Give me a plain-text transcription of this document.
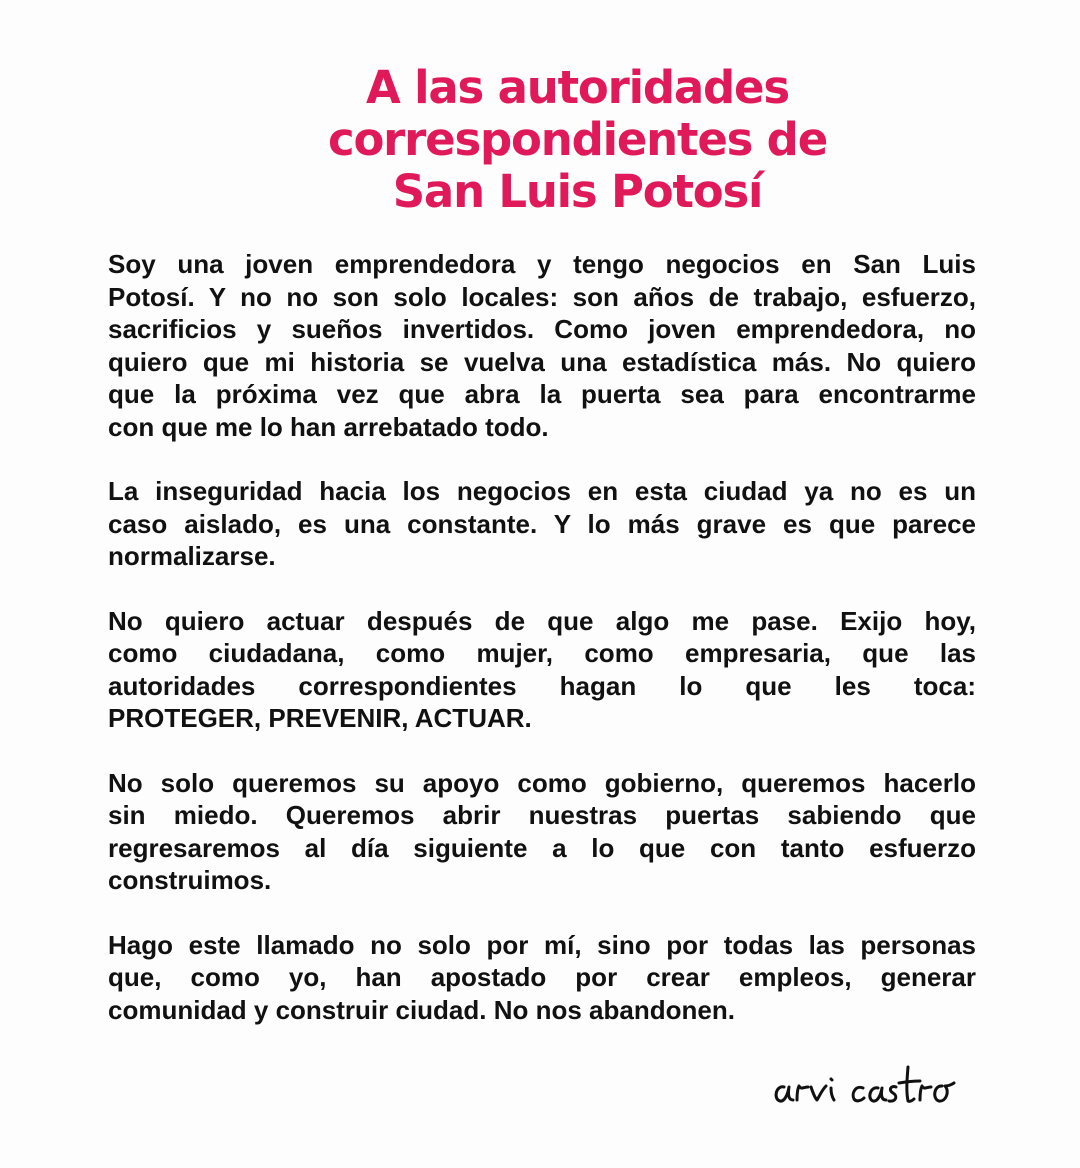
A las autoridades
correspondientes de
San Luis Potosí

Soy una joven emprendedora y tengo negocios en San Luis
Potosí. Y no no son solo locales: son años de trabajo, esfuerzo,
sacrificios y sueños invertidos. Como joven emprendedora, no
quiero que mi historia se vuelva una estadística más. No quiero
que la próxima vez que abra la puerta sea para encontrarme
con que me lo han arrebatado todo.

La inseguridad hacia los negocios en esta ciudad ya no es un
caso aislado, es una constante. Y lo más grave es que parece
normalizarse.

No quiero actuar después de que algo me pase. Exijo hoy,
como ciudadana, como mujer, como empresaria, que las
autoridades correspondientes hagan lo que les toca:
PROTEGER, PREVENIR, ACTUAR.

No solo queremos su apoyo como gobierno, queremos hacerlo
sin miedo. Queremos abrir nuestras puertas sabiendo que
regresaremos al día siguiente a lo que con tanto esfuerzo
construimos.

Hago este llamado no solo por mí, sino por todas las personas
que, como yo, han apostado por crear empleos, generar
comunidad y construir ciudad. No nos abandonen.
